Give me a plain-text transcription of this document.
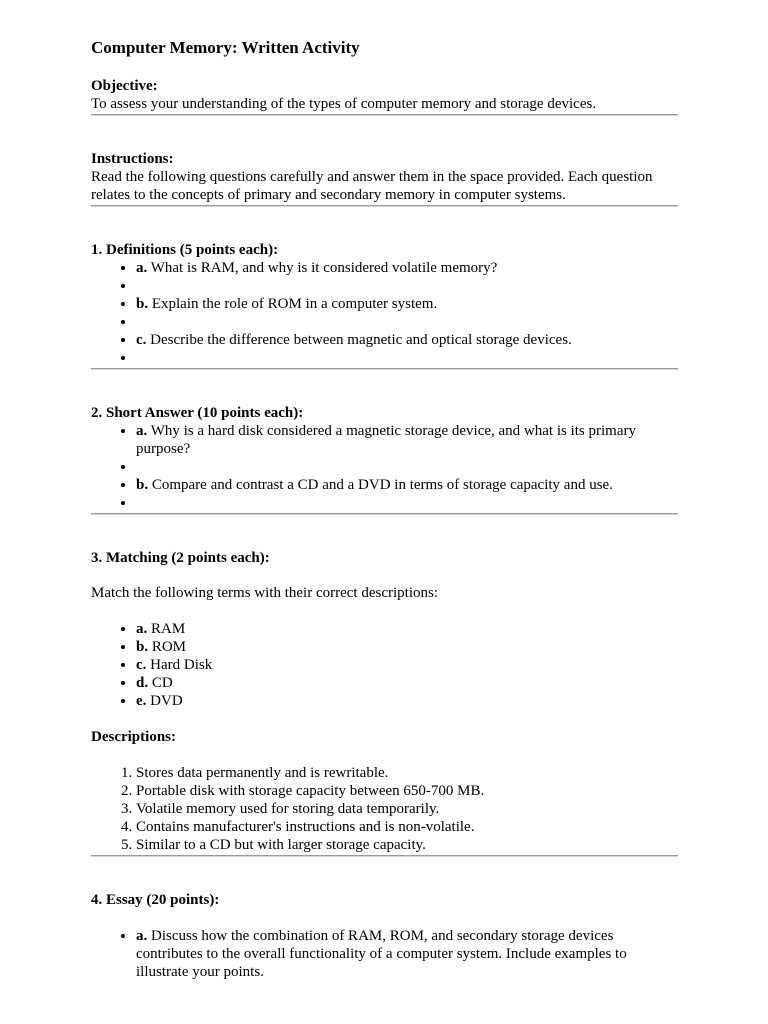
Computer Memory: Written Activity
Objective:

To assess your understanding of the types of computer memory and storage devices.

Instructions:

Read the following questions carefully and answer them in the space provided. Each question relates to the concepts of primary and secondary memory in computer systems.

1. Definitions (5 points each):
• a. What is RAM, and why is it considered volatile memory?
•
• b. Explain the role of ROM in a computer system.
•
• c. Describe the difference between magnetic and optical storage devices.
•
2. Short Answer (10 points each):
• a. Why is a hard disk considered a magnetic storage device, and what is its primary purpose?
•
• b. Compare and contrast a CD and a DVD in terms of storage capacity and use.
•
3. Matching (2 points each):

Match the following terms with their correct descriptions:

• a. RAM
• b. ROM
• c. Hard Disk
• d. CD
• e. DVD
Descriptions:
1. Stores data permanently and is rewritable.
2. Portable disk with storage capacity between 650-700 MB.
3. Volatile memory used for storing data temporarily.
4. Contains manufacturer's instructions and is non-volatile.
5. Similar to a CD but with larger storage capacity.
4. Essay (20 points):
• a. Discuss how the combination of RAM, ROM, and secondary storage devices contributes to the overall functionality of a computer system. Include examples to illustrate your points.
